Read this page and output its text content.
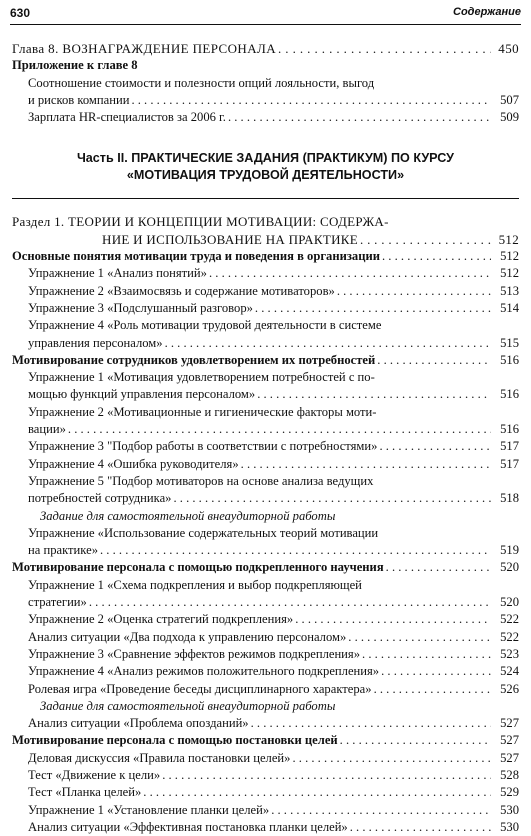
630	Содержание
Глава 8. ВОЗНАГРАЖДЕНИЕ ПЕРСОНАЛА . . .	450
Приложение к главе 8
Соотношение стоимости и полезности опций лояльности, выгод
и рисков компании . . .	507
Зарплата HR-специалистов за 2006 г. . . .	509
Часть II. ПРАКТИЧЕСКИЕ ЗАДАНИЯ (ПРАКТИКУМ) ПО КУРСУ
«МОТИВАЦИЯ ТРУДОВОЙ ДЕЯТЕЛЬНОСТИ»
Раздел 1. ТЕОРИИ И КОНЦЕПЦИИ МОТИВАЦИИ: СОДЕРЖА-
НИЕ И ИСПОЛЬЗОВАНИЕ НА ПРАКТИКЕ . . .	512
Основные понятия мотивации труда и поведения в организации . . .	512
Упражнение 1 «Анализ понятий» . . .	512
Упражнение 2 «Взаимосвязь и содержание мотиваторов» . . .	513
Упражнение 3 «Подслушанный разговор» . . .	514
Упражнение 4 «Роль мотивации трудовой деятельности в системе
управления персоналом» . . .	515
Мотивирование сотрудников удовлетворением их потребностей . . .	516
Упражнение 1 «Мотивация удовлетворением потребностей с по-
мощью функций управления персоналом» . . .	516
Упражнение 2 «Мотивационные и гигиенические факторы моти-
вации» . . .	516
Упражнение 3 "Подбор работы в соответствии с потребностями» . . .	517
Упражнение 4 «Ошибка руководителя» . . .	517
Упражнение 5 "Подбор мотиваторов на основе анализа ведущих
потребностей сотрудника» . . .	518
Задание для самостоятельной внеаудиторной работы
Упражнение «Использование содержательных теорий мотивации
на практике» . . .	519
Мотивирование персонала с помощью подкрепленного научения . . .	520
Упражнение 1 «Схема подкрепления и выбор подкрепляющей
стратегии» . . .	520
Упражнение 2 «Оценка стратегий подкрепления» . . .	522
Анализ ситуации «Два подхода к управлению персоналом» . . .	522
Упражнение 3 «Сравнение эффектов режимов подкрепления» . . .	523
Упражнение 4 «Анализ режимов положительного подкрепления» . . .	524
Ролевая игра «Проведение беседы дисциплинарного характера» . . .	526
Задание для самостоятельной внеаудиторной работы
Анализ ситуации «Проблема опозданий» . . .	527
Мотивирование персонала с помощью постановки целей . . .	527
Деловая дискуссия «Правила постановки целей» . . .	527
Тест «Движение к цели» . . .	528
Тест «Планка целей» . . .	529
Упражнение 1 «Установление планки целей» . . .	530
Анализ ситуации «Эффективная постановка планки целей» . . .	530
